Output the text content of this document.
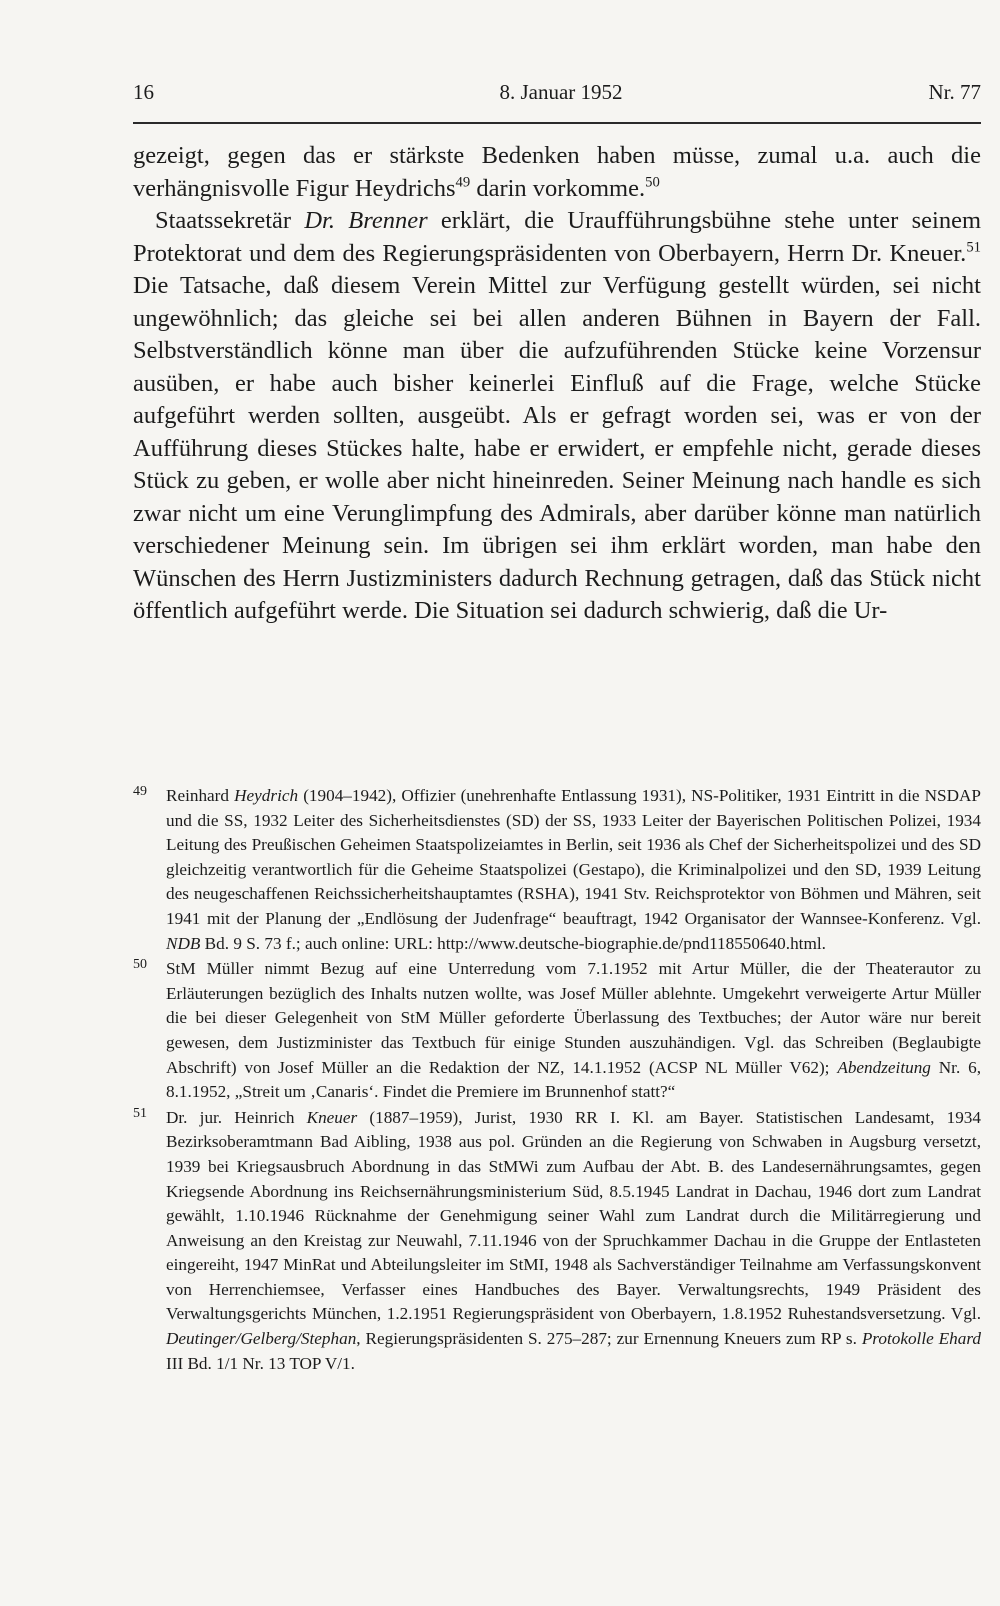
16	8. Januar 1952	Nr. 77

gezeigt, gegen das er stärkste Bedenken haben müsse, zumal u.a. auch die verhängnisvolle Figur Heydrichs$^{49}$ darin vorkomme.$^{50}$

Staatssekretär Dr. Brenner erklärt, die Uraufführungsbühne stehe unter seinem Protektorat und dem des Regierungspräsidenten von Oberbayern, Herrn Dr. Kneuer.$^{51}$ Die Tatsache, daß diesem Verein Mittel zur Verfügung gestellt würden, sei nicht ungewöhnlich; das gleiche sei bei allen anderen Bühnen in Bayern der Fall. Selbstverständlich könne man über die aufzuführenden Stücke keine Vorzensur ausüben, er habe auch bisher keinerlei Einfluß auf die Frage, welche Stücke aufgeführt werden sollten, ausgeübt. Als er gefragt worden sei, was er von der Aufführung dieses Stückes halte, habe er erwidert, er empfehle nicht, gerade dieses Stück zu geben, er wolle aber nicht hineinreden. Seiner Meinung nach handle es sich zwar nicht um eine Verunglimpfung des Admirals, aber darüber könne man natürlich verschiedener Meinung sein. Im übrigen sei ihm erklärt worden, man habe den Wünschen des Herrn Justizministers dadurch Rechnung getragen, daß das Stück nicht öffentlich aufgeführt werde. Die Situation sei dadurch schwierig, daß die Ur-

49 Reinhard Heydrich (1904–1942), Offizier (unehrenhafte Entlassung 1931), NS-Politiker, 1931 Eintritt in die NSDAP und die SS, 1932 Leiter des Sicherheitsdienstes (SD) der SS, 1933 Leiter der Bayerischen Politischen Polizei, 1934 Leitung des Preußischen Geheimen Staatspolizeiamtes in Berlin, seit 1936 als Chef der Sicherheitspolizei und des SD gleichzeitig verantwortlich für die Geheime Staatspolizei (Gestapo), die Kriminalpolizei und den SD, 1939 Leitung des neugeschaffenen Reichssicherheitshauptamtes (RSHA), 1941 Stv. Reichsprotektor von Böhmen und Mähren, seit 1941 mit der Planung der „Endlösung der Judenfrage“ beauftragt, 1942 Organisator der Wannsee-Konferenz. Vgl. NDB Bd. 9 S. 73 f.; auch online: URL: http://www.deutsche-biographie.de/pnd118550640.html.
50 StM Müller nimmt Bezug auf eine Unterredung vom 7.1.1952 mit Artur Müller, die der Theaterautor zu Erläuterungen bezüglich des Inhalts nutzen wollte, was Josef Müller ablehnte. Umgekehrt verweigerte Artur Müller die bei dieser Gelegenheit von StM Müller geforderte Überlassung des Textbuches; der Autor wäre nur bereit gewesen, dem Justizminister das Textbuch für einige Stunden auszuhändigen. Vgl. das Schreiben (Beglaubigte Abschrift) von Josef Müller an die Redaktion der NZ, 14.1.1952 (ACSP NL Müller V62); Abendzeitung Nr. 6, 8.1.1952, „Streit um ‚Canaris‘. Findet die Premiere im Brunnenhof statt?“
51 Dr. jur. Heinrich Kneuer (1887–1959), Jurist, 1930 RR I. Kl. am Bayer. Statistischen Landesamt, 1934 Bezirksoberamtmann Bad Aibling, 1938 aus pol. Gründen an die Regierung von Schwaben in Augsburg versetzt, 1939 bei Kriegsausbruch Abordnung in das StMWi zum Aufbau der Abt. B. des Landesernährungsamtes, gegen Kriegsende Abordnung ins Reichsernährungsministerium Süd, 8.5.1945 Landrat in Dachau, 1946 dort zum Landrat gewählt, 1.10.1946 Rücknahme der Genehmigung seiner Wahl zum Landrat durch die Militärregierung und Anweisung an den Kreistag zur Neuwahl, 7.11.1946 von der Spruchkammer Dachau in die Gruppe der Entlasteten eingereiht, 1947 MinRat und Abteilungsleiter im StMI, 1948 als Sachverständiger Teilnahme am Verfassungskonvent von Herrenchiemsee, Verfasser eines Handbuches des Bayer. Verwaltungsrechts, 1949 Präsident des Verwaltungsgerichts München, 1.2.1951 Regierungspräsident von Oberbayern, 1.8.1952 Ruhestandsversetzung. Vgl. Deutinger/Gelberg/Stephan, Regierungspräsidenten S. 275–287; zur Ernennung Kneuers zum RP s. Protokolle Ehard III Bd. 1/1 Nr. 13 TOP V/1.
